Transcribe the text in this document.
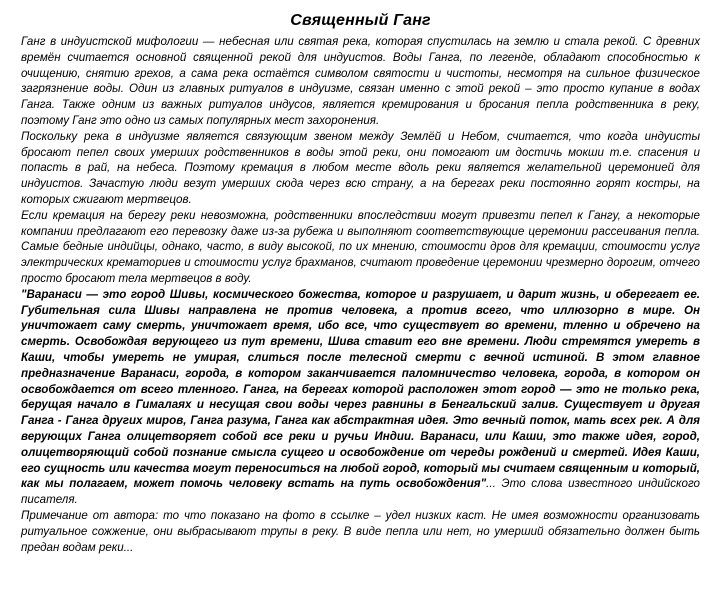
Священный Ганг

Ганг в индуистской мифологии — небесная или святая река, которая спустилась на землю и стала рекой. С древних времён считается основной священной рекой для индуистов. Воды Ганга, по легенде, обладают способностью к очищению, снятию грехов, а сама река остаётся символом святости и чистоты, несмотря на сильное физическое загрязнение воды. Один из главных ритуалов в индуизме, связан именно с этой рекой – это просто купание в водах Ганга. Также одним из важных ритуалов индусов, является кремирования и бросания пепла родственника в реку, поэтому Ганг это одно из самых популярных мест захоронения.

Поскольку река в индуизме является связующим звеном между Землёй и Небом, считается, что когда индуисты бросают пепел своих умерших родственников в воды этой реки, они помогают им достичь мокши т.е. спасения и попасть в рай, на небеса. Поэтому кремация в любом месте вдоль реки является желательной церемонией для индуистов. Зачастую люди везут умерших сюда через всю страну, а на берегах реки постоянно горят костры, на которых сжигают мертвецов.

Если кремация на берегу реки невозможна, родственники впоследствии могут привезти пепел к Гангу, а некоторые компании предлагают его перевозку даже из-за рубежа и выполняют соответствующие церемонии рассеивания пепла. Самые бедные индийцы, однако, часто, в виду высокой, по их мнению, стоимости дров для кремации, стоимости услуг электрических крематориев и стоимости услуг брахманов, считают проведение церемонии чрезмерно дорогим, отчего просто бросают тела мертвецов в воду.

"Варанаси — это город Шивы, космического божества, которое и разрушает, и дарит жизнь, и оберегает ее. Губительная сила Шивы направлена не против человека, а против всего, что иллюзорно в мире. Он уничтожает саму смерть, уничтожает время, ибо все, что существует во времени, тленно и обречено на смерть. Освобождая верующего из пут времени, Шива ставит его вне времени. Люди стремятся умереть в Каши, чтобы умереть не умирая, слиться после телесной смерти с вечной истиной. В этом главное предназначение Варанаси, города, в котором заканчивается паломничество человека, города, в котором он освобождается от всего тленного. Ганга, на берегах которой расположен этот город — это не только река, берущая начало в Гималаях и несущая свои воды через равнины в Бенгальский залив. Существует и другая Ганга - Ганга других миров, Ганга разума, Ганга как абстрактная идея. Это вечный поток, мать всех рек. А для верующих Ганга олицетворяет собой все реки и ручьи Индии. Варанаси, или Каши, это также идея, город, олицетворяющий собой познание смысла сущего и освобождение от череды рождений и смертей. Идея Каши, его сущность или качества могут переноситься на любой город, который мы считаем священным и который, как мы полагаем, может помочь человеку встать на путь освобождения"... Это слова известного индийского писателя.

Примечание от автора: то что показано на фото в ссылке – удел низких каст. Не имея возможности организовать ритуальное сожжение, они выбрасывают трупы в реку. В виде пепла или нет, но умерший обязательно должен быть предан водам реки...
